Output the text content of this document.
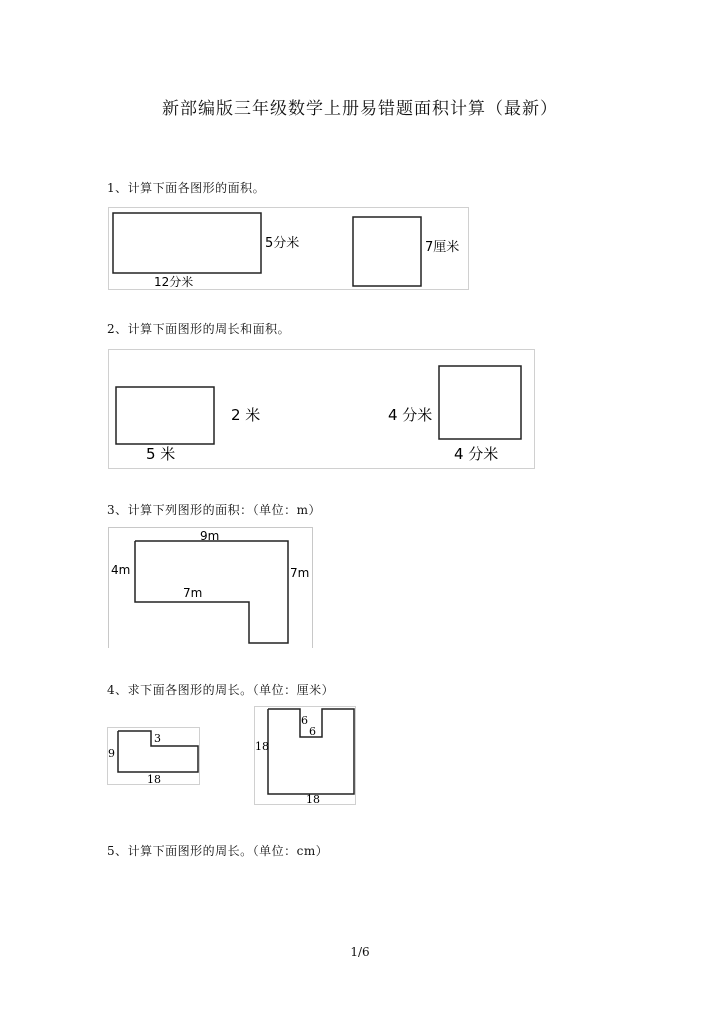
新部编版三年级数学上册易错题面积计算（最新）
1、计算下面各图形的面积。
5分米
12分米
7厘米
2、计算下面图形的周长和面积。
2 米
5 米
4 分米
4 分米
3、计算下列图形的面积：（单位：m）
9m
4m	7m
7m
4、求下面各图形的周长。（单位：厘米）
9
3
18
6
6
18
18
5、计算下面图形的周长。（单位：cm）
1/6
